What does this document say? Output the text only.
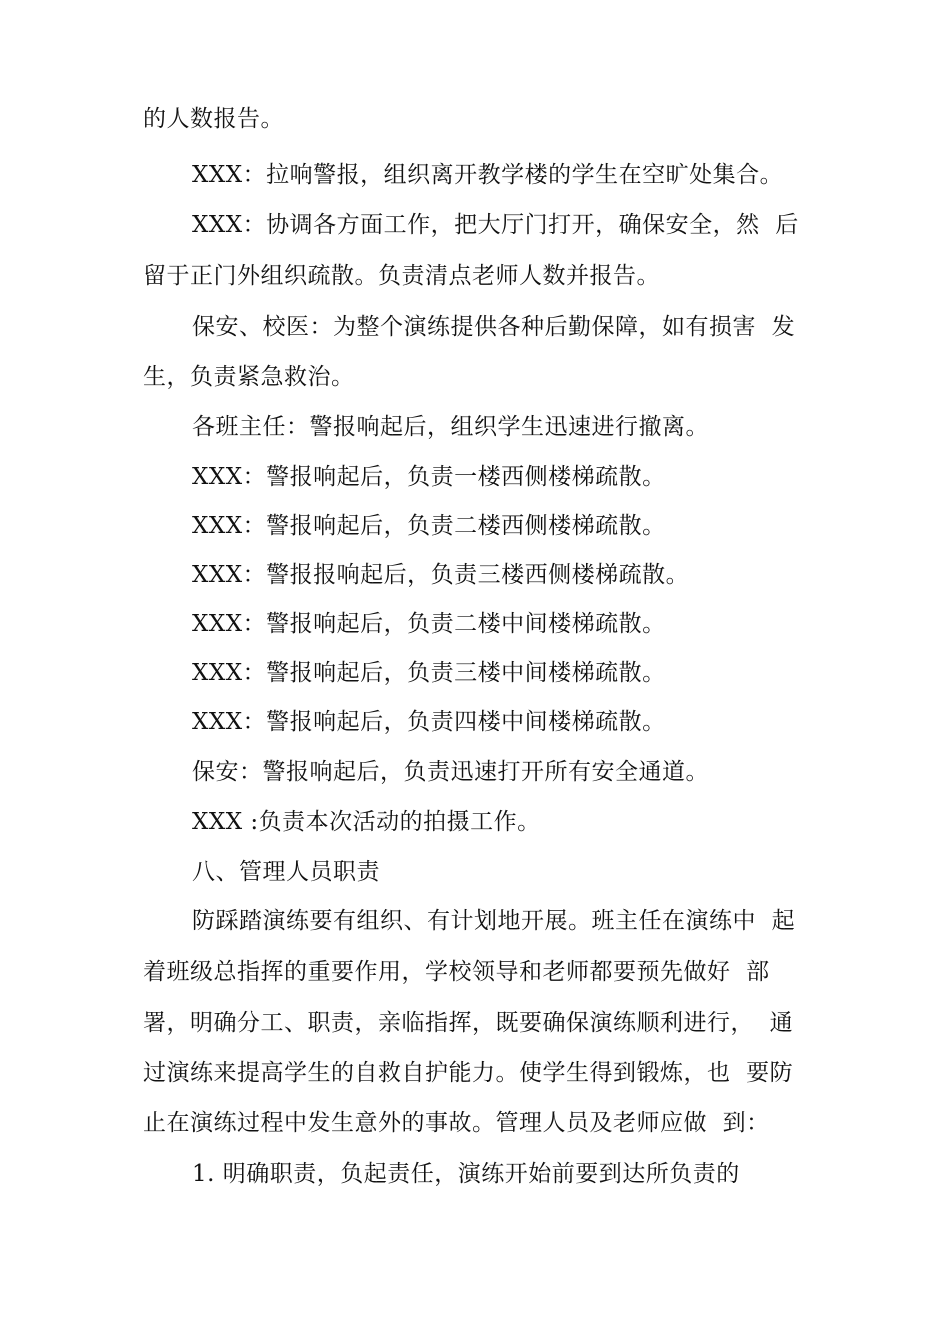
的人数报告。
XXX：拉响警报，组织离开教学楼的学生在空旷处集合。
XXX：协调各方面工作，把大厅门打开，确保安全，然  后
留于正门外组织疏散。负责清点老师人数并报告。
保安、校医：为整个演练提供各种后勤保障，如有损害  发
生，负责紧急救治。
各班主任：警报响起后，组织学生迅速进行撤离。
XXX：警报响起后，负责一楼西侧楼梯疏散。
XXX：警报响起后，负责二楼西侧楼梯疏散。
XXX：警报报响起后，负责三楼西侧楼梯疏散。
XXX：警报响起后，负责二楼中间楼梯疏散。
XXX：警报响起后，负责三楼中间楼梯疏散。
XXX：警报响起后，负责四楼中间楼梯疏散。
保安：警报响起后，负责迅速打开所有安全通道。
XXX :负责本次活动的拍摄工作。
八、管理人员职责
防踩踏演练要有组织、有计划地开展。班主任在演练中  起
着班级总指挥的重要作用，学校领导和老师都要预先做好  部
署，明确分工、职责，亲临指挥，既要确保演练顺利进行，  通
过演练来提高学生的自救自护能力。使学生得到锻炼，也  要防
止在演练过程中发生意外的事故。管理人员及老师应做  到：
1. 明确职责，负起责任，演练开始前要到达所负责的
